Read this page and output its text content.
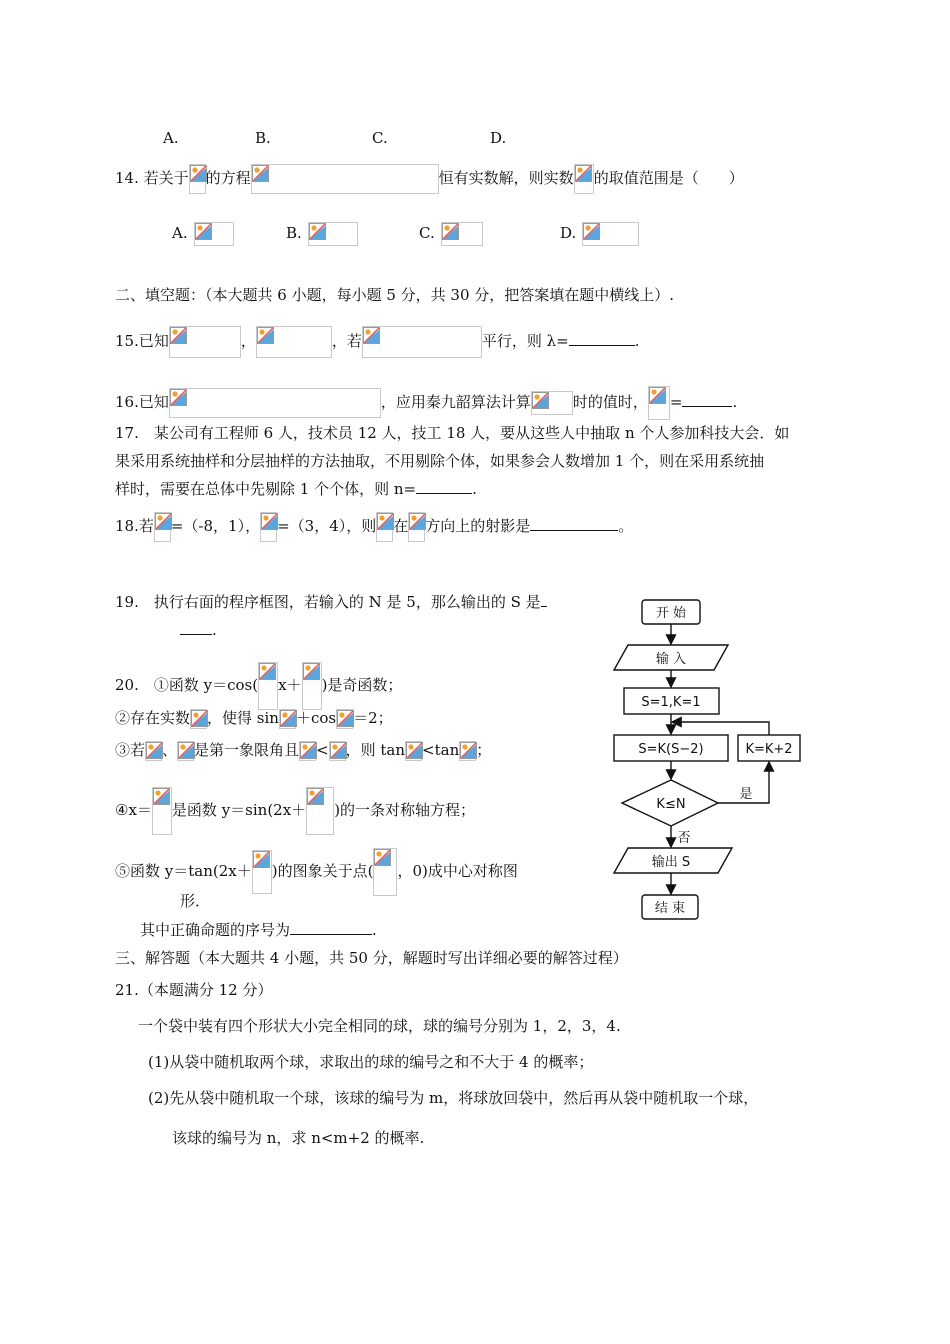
A.	B.	C.	D.
14. 若关于 的方程	恒有实数解，则实数 的取值范围是（　　）
A.	B.	C.	D.
二、填空题：（本大题共 6 小题，每小题 5 分，共 30 分，把答案填在题中横线上）.
15.已知	，	，若	平行，则 λ=	.
16.已知	，应用秦九韶算法计算	时的值时， =	.
17.　某公司有工程师 6 人，技术员 12 人，技工 18 人，要从这些人中抽取 n 个人参加科技大会．如
果采用系统抽样和分层抽样的方法抽取，不用剔除个体，如果参会人数增加 1 个，则在采用系统抽
样时，需要在总体中先剔除 1 个个体，则 n=	.
18.若 =（-8，1）， =（3，4），则 在 方向上的射影是	。
19.　执行右面的程序框图，若输入的 N 是 5，那么输出的 S 是
.
20.　①函数 y＝cos( x＋ )是奇函数；
②存在实数 ，使得 sin ＋cos ＝2；
③若 、 是第一象限角且 < ，则 tan <tan ；
④x＝ 是函数 y＝sin(2x＋ )的一条对称轴方程；
⑤函数 y＝tan(2x＋ )的图象关于点( ，0)成中心对称图
形．
其中正确命题的序号为	.
三、解答题（本大题共 4 小题，共 50 分，解题时写出详细必要的解答过程）
21.（本题满分 12 分）
一个袋中装有四个形状大小完全相同的球，球的编号分别为 1，2，3，4.
(1)从袋中随机取两个球，求取出的球的编号之和不大于 4 的概率；
(2)先从袋中随机取一个球，该球的编号为 m，将球放回袋中，然后再从袋中随机取一个球，
该球的编号为 n，求 n<m+2 的概率.
开 始
输 入
S=1,K=1
S=K(S−2)	K=K+2
K≤N
是
否
输出 S
结 束
